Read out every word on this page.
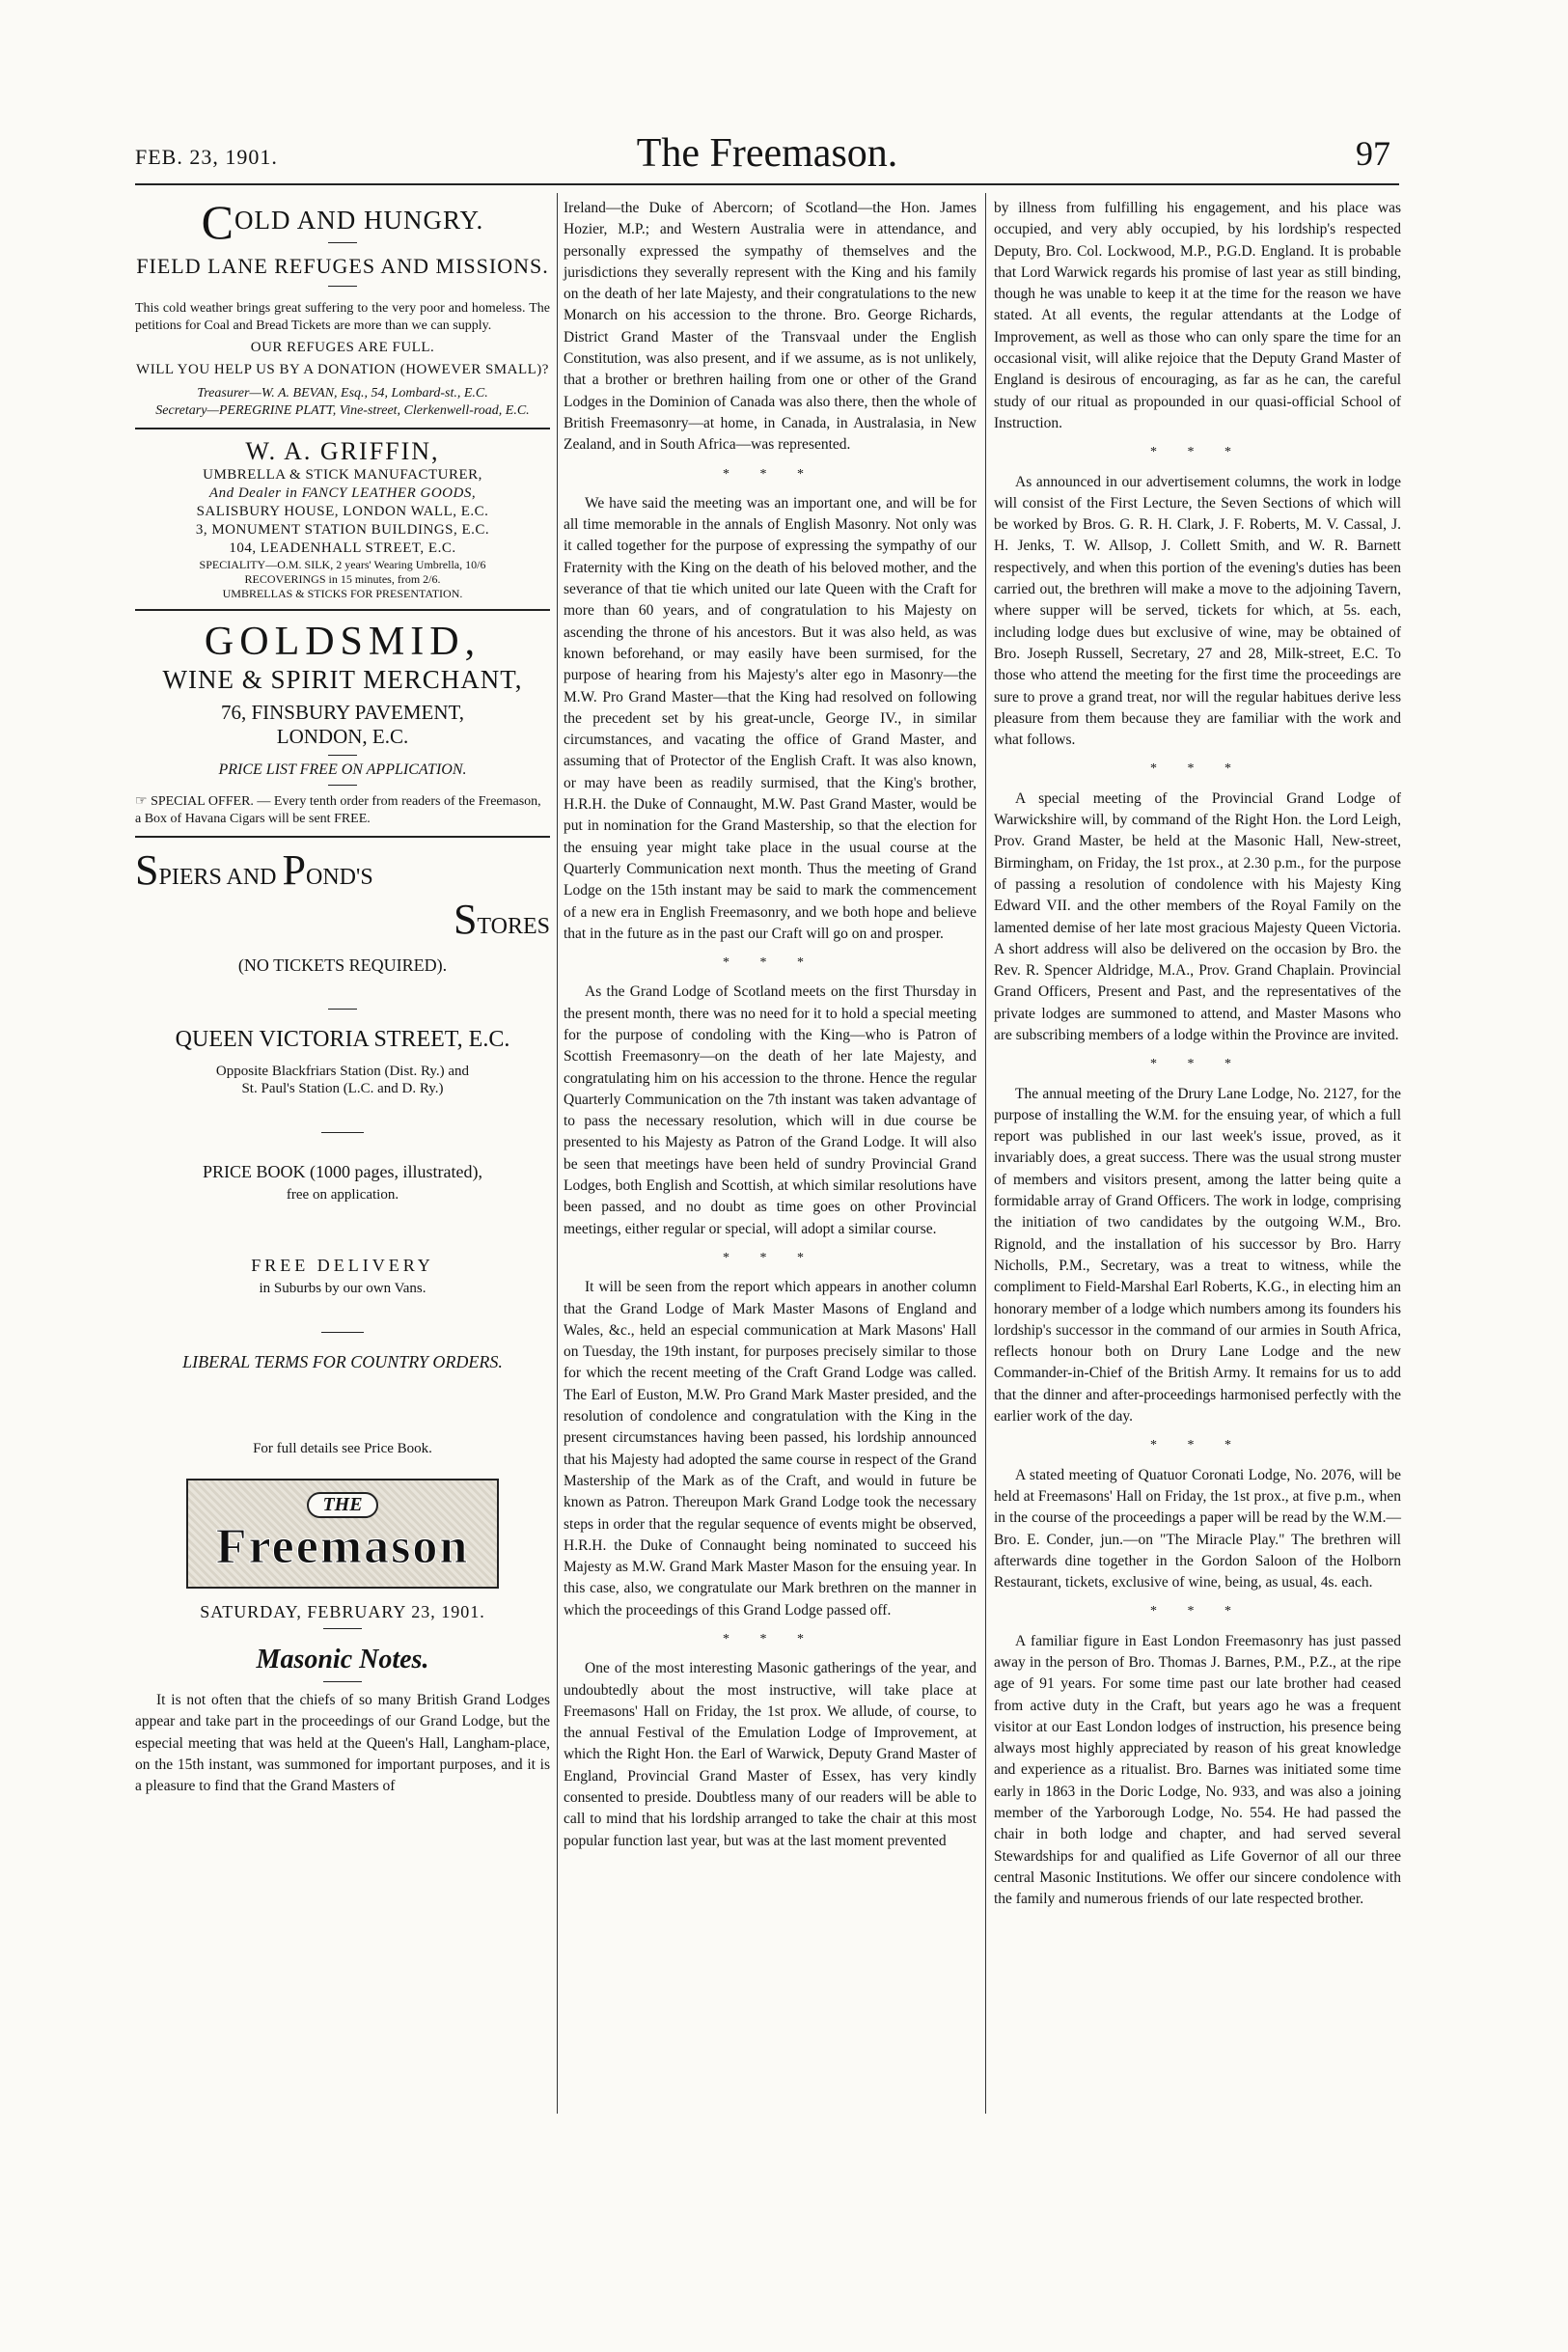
FEB. 23, 1901.	The Freemason.	97
COLD AND HUNGRY.
FIELD LANE REFUGES AND MISSIONS.
This cold weather brings great suffering to the very poor and homeless. The petitions for Coal and Bread Tickets are more than we can supply.
OUR REFUGES ARE FULL.
WILL YOU HELP US BY A DONATION (HOWEVER SMALL)?
Treasurer—W. A. BEVAN, Esq., 54, Lombard-st., E.C.
Secretary—PEREGRINE PLATT, Vine-street, Clerkenwell-road, E.C.
W. A. GRIFFIN,
UMBRELLA & STICK MANUFACTURER,
And Dealer in FANCY LEATHER GOODS,
SALISBURY HOUSE, LONDON WALL, E.C.
3, MONUMENT STATION BUILDINGS, E.C.
104, LEADENHALL STREET, E.C.
SPECIALITY—O.M. SILK, 2 years' Wearing Umbrella, 10/6
RECOVERINGS in 15 minutes, from 2/6.
UMBRELLAS & STICKS FOR PRESENTATION.
GOLDSMID,
WINE & SPIRIT MERCHANT,
76, FINSBURY PAVEMENT,
LONDON, E.C.
PRICE LIST FREE ON APPLICATION.
☞ SPECIAL OFFER. — Every tenth order from readers of the Freemason, a Box of Havana Cigars will be sent FREE.
SPIERS AND POND'S
STORES
(NO TICKETS REQUIRED).
QUEEN VICTORIA STREET, E.C.
Opposite Blackfriars Station (Dist. Ry.) and
St. Paul's Station (L.C. and D. Ry.)
PRICE BOOK (1000 pages, illustrated),
free on application.
FREE DELIVERY
in Suburbs by our own Vans.
LIBERAL TERMS FOR COUNTRY ORDERS.
For full details see Price Book.
THE
Freemason
SATURDAY, FEBRUARY 23, 1901.
Masonic Notes.
It is not often that the chiefs of so many British Grand Lodges appear and take part in the proceedings of our Grand Lodge, but the especial meeting that was held at the Queen's Hall, Langham-place, on the 15th instant, was summoned for important purposes, and it is a pleasure to find that the Grand Masters of

Ireland—the Duke of Abercorn; of Scotland—the Hon. James Hozier, M.P.; and Western Australia were in attendance, and personally expressed the sympathy of themselves and the jurisdictions they severally represent with the King and his family on the death of her late Majesty, and their congratulations to the new Monarch on his accession to the throne. Bro. George Richards, District Grand Master of the Transvaal under the English Constitution, was also present, and if we assume, as is not unlikely, that a brother or brethren hailing from one or other of the Grand Lodges in the Dominion of Canada was also there, then the whole of British Freemasonry—at home, in Canada, in Australasia, in New Zealand, and in South Africa—was represented.

* * *

We have said the meeting was an important one, and will be for all time memorable in the annals of English Masonry. Not only was it called together for the purpose of expressing the sympathy of our Fraternity with the King on the death of his beloved mother, and the severance of that tie which united our late Queen with the Craft for more than 60 years, and of congratulation to his Majesty on ascending the throne of his ancestors. But it was also held, as was known beforehand, or may easily have been surmised, for the purpose of hearing from his Majesty's alter ego in Masonry—the M.W. Pro Grand Master—that the King had resolved on following the precedent set by his great-uncle, George IV., in similar circumstances, and vacating the office of Grand Master, and assuming that of Protector of the English Craft. It was also known, or may have been as readily surmised, that the King's brother, H.R.H. the Duke of Connaught, M.W. Past Grand Master, would be put in nomination for the Grand Mastership, so that the election for the ensuing year might take place in the usual course at the Quarterly Communication next month. Thus the meeting of Grand Lodge on the 15th instant may be said to mark the commencement of a new era in English Freemasonry, and we both hope and believe that in the future as in the past our Craft will go on and prosper.

* * *

As the Grand Lodge of Scotland meets on the first Thursday in the present month, there was no need for it to hold a special meeting for the purpose of condoling with the King—who is Patron of Scottish Freemasonry—on the death of her late Majesty, and congratulating him on his accession to the throne. Hence the regular Quarterly Communication on the 7th instant was taken advantage of to pass the necessary resolution, which will in due course be presented to his Majesty as Patron of the Grand Lodge. It will also be seen that meetings have been held of sundry Provincial Grand Lodges, both English and Scottish, at which similar resolutions have been passed, and no doubt as time goes on other Provincial meetings, either regular or special, will adopt a similar course.

* * *

It will be seen from the report which appears in another column that the Grand Lodge of Mark Master Masons of England and Wales, &c., held an especial communication at Mark Masons' Hall on Tuesday, the 19th instant, for purposes precisely similar to those for which the recent meeting of the Craft Grand Lodge was called. The Earl of Euston, M.W. Pro Grand Mark Master presided, and the resolution of condolence and congratulation with the King in the present circumstances having been passed, his lordship announced that his Majesty had adopted the same course in respect of the Grand Mastership of the Mark as of the Craft, and would in future be known as Patron. Thereupon Mark Grand Lodge took the necessary steps in order that the regular sequence of events might be observed, H.R.H. the Duke of Connaught being nominated to succeed his Majesty as M.W. Grand Mark Master Mason for the ensuing year. In this case, also, we congratulate our Mark brethren on the manner in which the proceedings of this Grand Lodge passed off.

* * *

One of the most interesting Masonic gatherings of the year, and undoubtedly about the most instructive, will take place at Freemasons' Hall on Friday, the 1st prox. We allude, of course, to the annual Festival of the Emulation Lodge of Improvement, at which the Right Hon. the Earl of Warwick, Deputy Grand Master of England, Provincial Grand Master of Essex, has very kindly consented to preside. Doubtless many of our readers will be able to call to mind that his lordship arranged to take the chair at this most popular function last year, but was at the last moment prevented

by illness from fulfilling his engagement, and his place was occupied, and very ably occupied, by his lordship's respected Deputy, Bro. Col. Lockwood, M.P., P.G.D. England. It is probable that Lord Warwick regards his promise of last year as still binding, though he was unable to keep it at the time for the reason we have stated. At all events, the regular attendants at the Lodge of Improvement, as well as those who can only spare the time for an occasional visit, will alike rejoice that the Deputy Grand Master of England is desirous of encouraging, as far as he can, the careful study of our ritual as propounded in our quasi-official School of Instruction.

* * *

As announced in our advertisement columns, the work in lodge will consist of the First Lecture, the Seven Sections of which will be worked by Bros. G. R. H. Clark, J. F. Roberts, M. V. Cassal, J. H. Jenks, T. W. Allsop, J. Collett Smith, and W. R. Barnett respectively, and when this portion of the evening's duties has been carried out, the brethren will make a move to the adjoining Tavern, where supper will be served, tickets for which, at 5s. each, including lodge dues but exclusive of wine, may be obtained of Bro. Joseph Russell, Secretary, 27 and 28, Milk-street, E.C. To those who attend the meeting for the first time the proceedings are sure to prove a grand treat, nor will the regular habitues derive less pleasure from them because they are familiar with the work and what follows.

* * *

A special meeting of the Provincial Grand Lodge of Warwickshire will, by command of the Right Hon. the Lord Leigh, Prov. Grand Master, be held at the Masonic Hall, New-street, Birmingham, on Friday, the 1st prox., at 2.30 p.m., for the purpose of passing a resolution of condolence with his Majesty King Edward VII. and the other members of the Royal Family on the lamented demise of her late most gracious Majesty Queen Victoria. A short address will also be delivered on the occasion by Bro. the Rev. R. Spencer Aldridge, M.A., Prov. Grand Chaplain. Provincial Grand Officers, Present and Past, and the representatives of the private lodges are summoned to attend, and Master Masons who are subscribing members of a lodge within the Province are invited.

* * *

The annual meeting of the Drury Lane Lodge, No. 2127, for the purpose of installing the W.M. for the ensuing year, of which a full report was published in our last week's issue, proved, as it invariably does, a great success. There was the usual strong muster of members and visitors present, among the latter being quite a formidable array of Grand Officers. The work in lodge, comprising the initiation of two candidates by the outgoing W.M., Bro. Rignold, and the installation of his successor by Bro. Harry Nicholls, P.M., Secretary, was a treat to witness, while the compliment to Field-Marshal Earl Roberts, K.G., in electing him an honorary member of a lodge which numbers among its founders his lordship's successor in the command of our armies in South Africa, reflects honour both on Drury Lane Lodge and the new Commander-in-Chief of the British Army. It remains for us to add that the dinner and after-proceedings harmonised perfectly with the earlier work of the day.

* * *

A stated meeting of Quatuor Coronati Lodge, No. 2076, will be held at Freemasons' Hall on Friday, the 1st prox., at five p.m., when in the course of the proceedings a paper will be read by the W.M.—Bro. E. Conder, jun.—on "The Miracle Play." The brethren will afterwards dine together in the Gordon Saloon of the Holborn Restaurant, tickets, exclusive of wine, being, as usual, 4s. each.

* * *

A familiar figure in East London Freemasonry has just passed away in the person of Bro. Thomas J. Barnes, P.M., P.Z., at the ripe age of 91 years. For some time past our late brother had ceased from active duty in the Craft, but years ago he was a frequent visitor at our East London lodges of instruction, his presence being always most highly appreciated by reason of his great knowledge and experience as a ritualist. Bro. Barnes was initiated some time early in 1863 in the Doric Lodge, No. 933, and was also a joining member of the Yarborough Lodge, No. 554. He had passed the chair in both lodge and chapter, and had served several Stewardships for and qualified as Life Governor of all our three central Masonic Institutions. We offer our sincere condolence with the family and numerous friends of our late respected brother.
